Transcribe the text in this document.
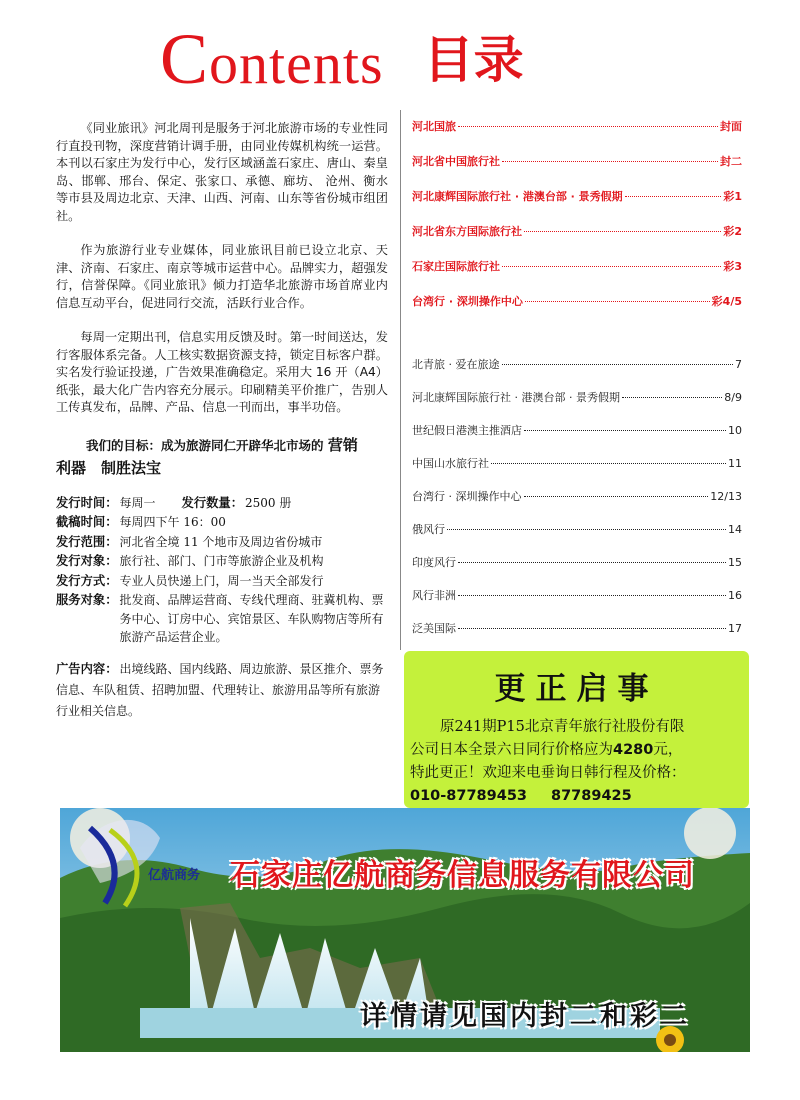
Contents 目录

《同业旅讯》河北周刊是服务于河北旅游市场的专业性同行直投刊物，深度营销计调手册，由同业传媒机构统一运营。本刊以石家庄为发行中心，发行区域涵盖石家庄、唐山、秦皇岛、邯郸、邢台、保定、张家口、承德、廊坊、 沧州、衡水等市县及周边北京、天津、山西、河南、山东等省份城市组团社。

作为旅游行业专业媒体，同业旅讯目前已设立北京、天津、济南、石家庄、南京等城市运营中心。品牌实力，超强发行，信誉保障。《同业旅讯》倾力打造华北旅游市场首席业内信息互动平台，促进同行交流，活跃行业合作。

每周一定期出刊，信息实用反馈及时。第一时间送达，发行客服体系完备。人工核实数据资源支持，锁定目标客户群。实名发行验证投递，广告效果准确稳定。采用大 16 开（A4）纸张，最大化广告内容充分展示。印刷精美平价推广，告别人工传真发布，品牌、产品、信息一刊而出，事半功倍。

我们的目标：成为旅游同仁开辟华北市场的 营销
利器　制胜法宝
发行时间： 每周一 发行数量： 2500 册
截稿时间： 每周四下午 16：00
发行范围： 河北省全境 11 个地市及周边省份城市
发行对象： 旅行社、部门、门市等旅游企业及机构
发行方式： 专业人员快递上门，周一当天全部发行
服务对象： 批发商、品牌运营商、专线代理商、驻冀机构、票务中心、订房中心、宾馆景区、车队购物店等所有旅游产品运营企业。
广告内容： 出境线路、国内线路、周边旅游、景区推介、票务信息、车队租赁、招聘加盟、代理转让、旅游用品等所有旅游行业相关信息。
河北国旅	封面
河北省中国旅行社	封二
河北康辉国际旅行社 · 港澳台部 · 景秀假期	彩1
河北省东方国际旅行社	彩2
石家庄国际旅行社	彩3
台湾行 · 深圳操作中心	彩4/5
北青旅 · 爱在旅途	7
河北康辉国际旅行社 · 港澳台部 · 景秀假期	8/9
世纪假日港澳主推酒店	10
中国山水旅行社	11
台湾行 · 深圳操作中心	12/13
俄风行	14
印度风行	15
风行非洲	16
泛美国际	17
更正启事
原241期P15北京青年旅行社股份有限
公司日本全景六日同行价格应为4280元，
特此更正！欢迎来电垂询日韩行程及价格：
010-87789453 87789425
亿航商务 石家庄亿航商务信息服务有限公司
详情请见国内封二和彩二
